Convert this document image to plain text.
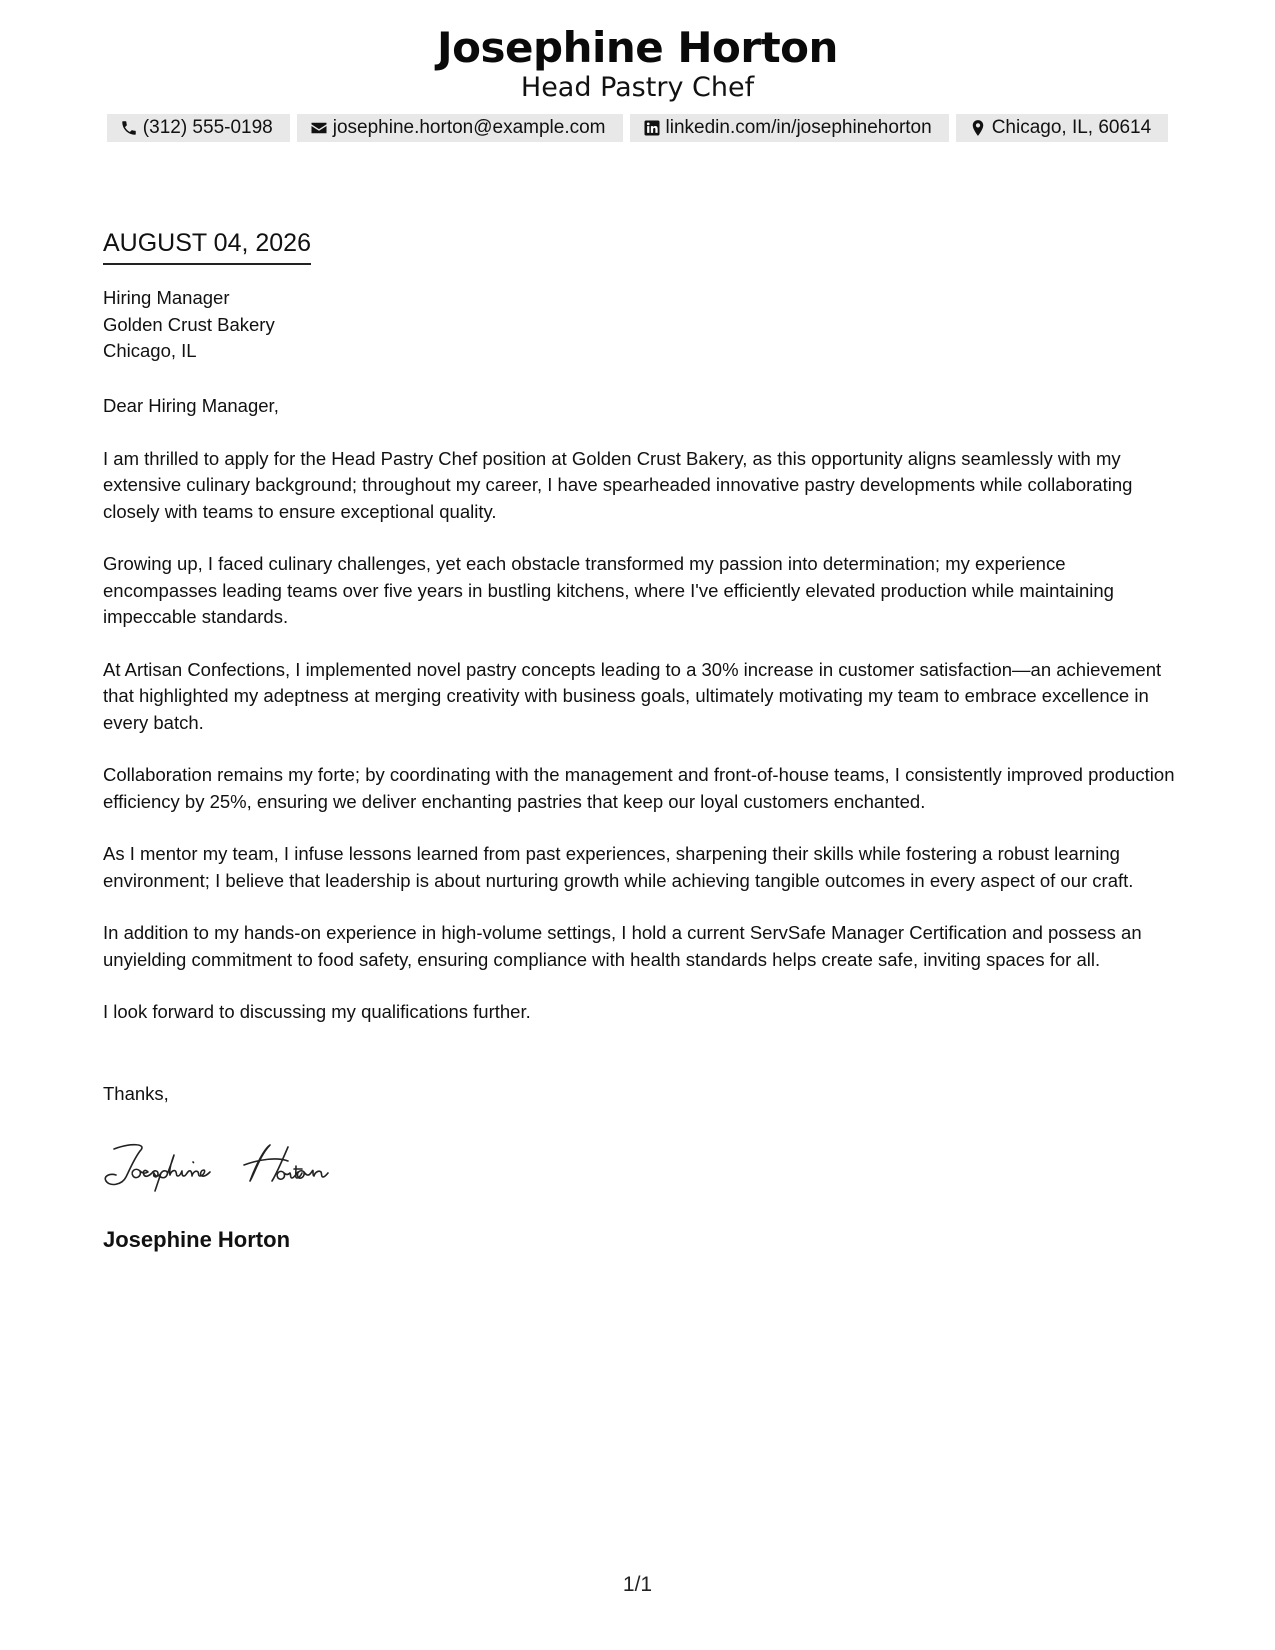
Josephine Horton
Head Pastry Chef
(312) 555-0198	josephine.horton@example.com	linkedin.com/in/josephinehorton	Chicago, IL, 60614
AUGUST 04, 2026
Hiring Manager
Golden Crust Bakery
Chicago, IL
Dear Hiring Manager,

I am thrilled to apply for the Head Pastry Chef position at Golden Crust Bakery, as this opportunity aligns seamlessly with my extensive culinary background; throughout my career, I have spearheaded innovative pastry developments while collaborating closely with teams to ensure exceptional quality.

Growing up, I faced culinary challenges, yet each obstacle transformed my passion into determination; my experience encompasses leading teams over five years in bustling kitchens, where I've efficiently elevated production while maintaining impeccable standards.

At Artisan Confections, I implemented novel pastry concepts leading to a 30% increase in customer satisfaction—an achievement that highlighted my adeptness at merging creativity with business goals, ultimately motivating my team to embrace excellence in every batch.

Collaboration remains my forte; by coordinating with the management and front-of-house teams, I consistently improved production efficiency by 25%, ensuring we deliver enchanting pastries that keep our loyal customers enchanted.

As I mentor my team, I infuse lessons learned from past experiences, sharpening their skills while fostering a robust learning environment; I believe that leadership is about nurturing growth while achieving tangible outcomes in every aspect of our craft.

In addition to my hands-on experience in high-volume settings, I hold a current ServSafe Manager Certification and possess an unyielding commitment to food safety, ensuring compliance with health standards helps create safe, inviting spaces for all.

I look forward to discussing my qualifications further.

Thanks,
Josephine Horton
1/1
